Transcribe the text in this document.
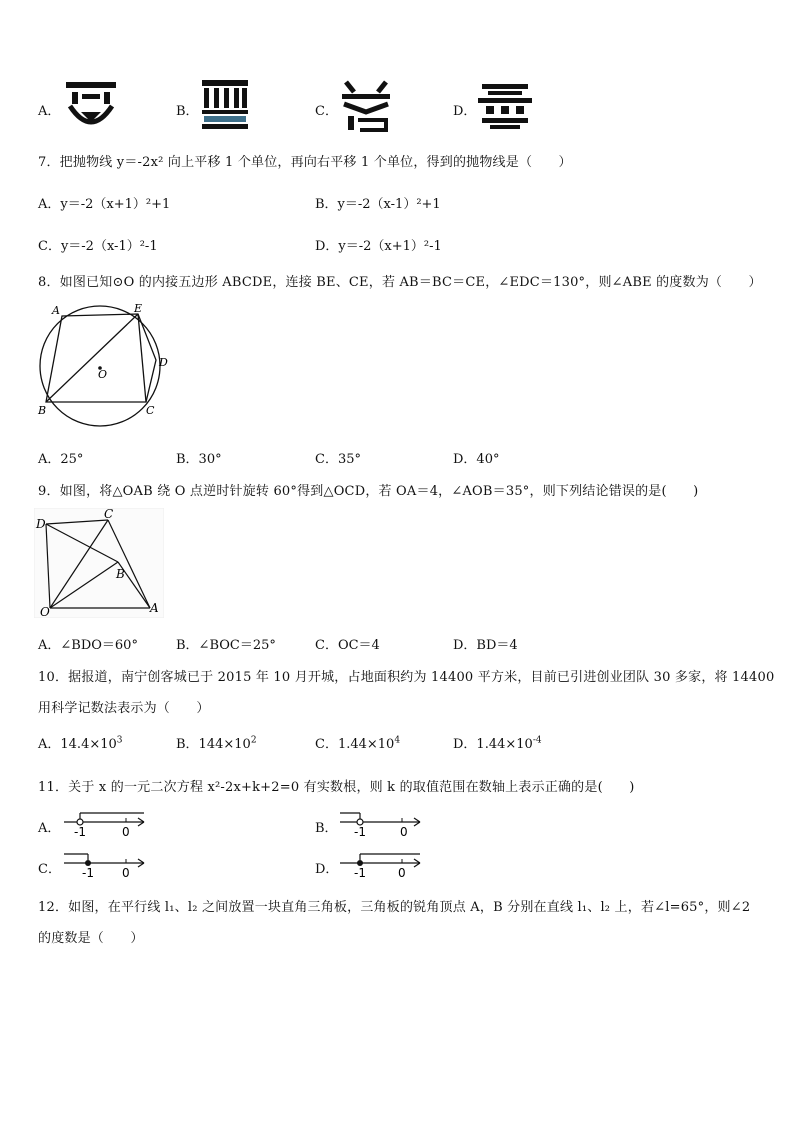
A．	B．	C．	D．
7．把抛物线 y＝-2x² 向上平移 1 个单位，再向右平移 1 个单位，得到的抛物线是（　　）
A．y＝-2（x+1）²+1	B．y＝-2（x-1）²+1
C．y＝-2（x-1）²-1	D．y＝-2（x+1）²-1
8．如图已知⊙O 的内接五边形 ABCDE，连接 BE、CE，若 AB＝BC＝CE，∠EDC＝130°，则∠ABE 的度数为（　　）
A	E
D
O
B	C
A．25°	B．30°	C．35°	D．40°
9．如图，将△OAB 绕 O 点逆时针旋转 60°得到△OCD，若 OA＝4，∠AOB＝35°，则下列结论错误的是(　　)
D
C
B
O	A
A．∠BDO＝60°	B．∠BOC＝25°	C．OC＝4	D．BD＝4
10．据报道，南宁创客城已于 2015 年 10 月开城，占地面积约为 14400 平方米，目前已引进创业团队 30 多家，将 14400
用科学记数法表示为（　　）
A．$14.4\times 10^3$	B．$144\times 10^2$	C．$1.44\times 10^4$	D．$1.44\times 10^{-4}$
11．关于 x 的一元二次方程 x²-2x+k+2=0 有实数根，则 k 的取值范围在数轴上表示正确的是(　　)
A． -1	0	B． -1	0
C． -1 0	D． -1	0
12．如图，在平行线 l₁、l₂ 之间放置一块直角三角板，三角板的锐角顶点 A，B 分别在直线 l₁、l₂ 上，若∠l=65°，则∠2
的度数是（　　）
